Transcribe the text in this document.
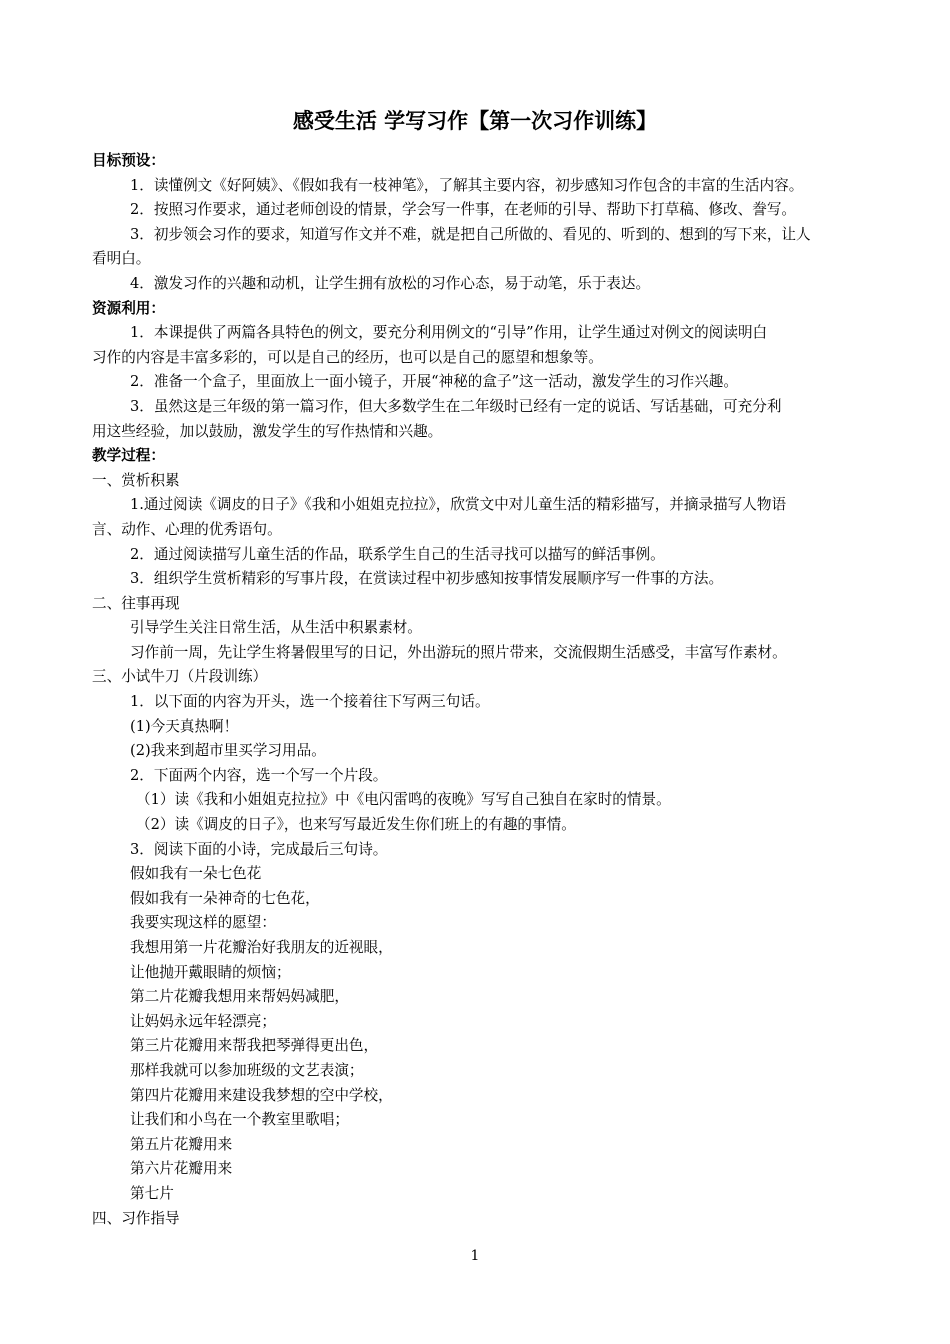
感受生活 学写习作【第一次习作训练】
目标预设：
1．读懂例文《好阿姨》、《假如我有一枝神笔》，了解其主要内容，初步感知习作包含的丰富的生活内容。
2．按照习作要求，通过老师创设的情景，学会写一件事，在老师的引导、帮助下打草稿、修改、誊写。
3．初步领会习作的要求，知道写作文并不难，就是把自己所做的、看见的、听到的、想到的写下来，让人
看明白。
4．激发习作的兴趣和动机，让学生拥有放松的习作心态，易于动笔，乐于表达。
资源利用：
1．本课提供了两篇各具特色的例文，要充分利用例文的“引导”作用，让学生通过对例文的阅读明白
习作的内容是丰富多彩的，可以是自己的经历，也可以是自己的愿望和想象等。
2．准备一个盒子，里面放上一面小镜子，开展“神秘的盒子”这一活动，激发学生的习作兴趣。
3．虽然这是三年级的第一篇习作，但大多数学生在二年级时已经有一定的说话、写话基础，可充分利
用这些经验，加以鼓励，激发学生的写作热情和兴趣。
教学过程：
一、赏析积累
1.通过阅读《调皮的日子》《我和小姐姐克拉拉》，欣赏文中对儿童生活的精彩描写，并摘录描写人物语
言、动作、心理的优秀语句。
2．通过阅读描写儿童生活的作品，联系学生自己的生活寻找可以描写的鲜活事例。
3．组织学生赏析精彩的写事片段，在赏读过程中初步感知按事情发展顺序写一件事的方法。
二、往事再现
引导学生关注日常生活，从生活中积累素材。
习作前一周，先让学生将暑假里写的日记，外出游玩的照片带来，交流假期生活感受，丰富写作素材。
三、小试牛刀（片段训练）
1．以下面的内容为开头，选一个接着往下写两三句话。
(1)今天真热啊！
(2)我来到超市里买学习用品。
2．下面两个内容，选一个写一个片段。
（1）读《我和小姐姐克拉拉》中《电闪雷鸣的夜晚》写写自己独自在家时的情景。
（2）读《调皮的日子》，也来写写最近发生你们班上的有趣的事情。
3．阅读下面的小诗，完成最后三句诗。
假如我有一朵七色花
假如我有一朵神奇的七色花，
我要实现这样的愿望：
我想用第一片花瓣治好我朋友的近视眼，
让他抛开戴眼睛的烦恼；
第二片花瓣我想用来帮妈妈减肥，
让妈妈永远年轻漂亮；
第三片花瓣用来帮我把琴弹得更出色，
那样我就可以参加班级的文艺表演；
第四片花瓣用来建设我梦想的空中学校，
让我们和小鸟在一个教室里歌唱；
第五片花瓣用来
第六片花瓣用来
第七片
四、习作指导
1
